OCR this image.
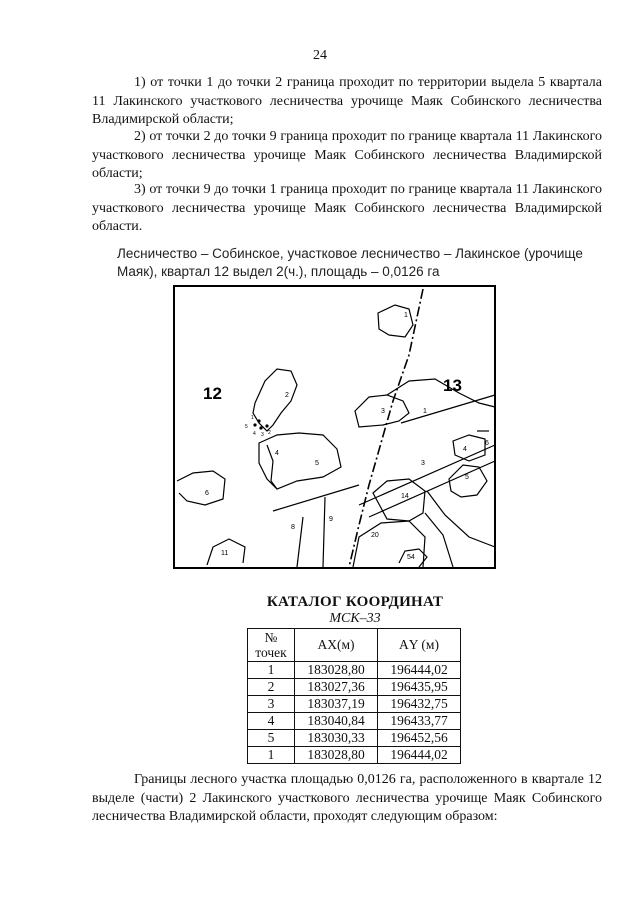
24
1) от точки 1 до точки 2 граница проходит по территории выдела 5 квартала 11 Лакинского участкового лесничества урочище Маяк Собинского лесничества Владимирской области;
2) от точки 2 до точки 9 граница проходит по границе квартала 11 Лакинского участкового лесничества урочище Маяк Собинского лесничества Владимирской области;
3) от точки 9 до точки 1 граница проходит по границе квартала 11 Лакинского участкового лесничества урочище Маяк Собинского лесничества Владимирской области.
Лесничество – Собинское, участковое лесничество – Лакинское (урочище Маяк), квартал 12 выдел 2(ч.), площадь – 0,0126 га
12	13
1
2
3	1
4
5
6
3
4
5
6	14
8
9
20
54
11
1
5
4 3 2
КАТАЛОГ КООРДИНАТ
МСК–33
№ точек	АХ(м)	АY (м)
1	183028,80	196444,02
2	183027,36	196435,95
3	183037,19	196432,75
4	183040,84	196433,77
5	183030,33	196452,56
1	183028,80	196444,02
Границы лесного участка площадью 0,0126 га, расположенного в квартале 12 выделе (части) 2 Лакинского участкового лесничества урочище Маяк Собинского лесничества Владимирской области, проходят следующим образом:
